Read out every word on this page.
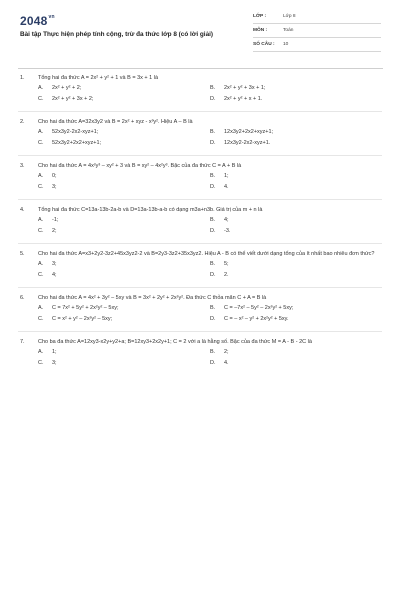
$2048^{vn}$
Bài tập Thực hiện phép tính cộng, trừ đa thức lớp 8 (có lời giải)
LỚP :	Lớp 8
MÔN :	Toán
SỐ CÂU :	10
1. Tổng hai đa thức A = 2x² + y² + 1 và B = 3x + 1 là
A. 2x² + y² + 2;	B. 2x² + y² + 3x + 1;
C. 2x² + y² + 3x + 2;	D. 2x² + y² + x + 1.
2. Cho hai đa thức A=32x3y2 và B = 2x² + xyz - x³y². Hiệu A – B là
A. 52x3y2-2x2-xyz+1;	B. 12x3y2+2x2+xyz+1;
C. 52x3y2+2x2+xyz+1;	D. 12x3y2-2x2-xyz+1.
3. Cho hai đa thức A = 4x²y³ – xy² + 3 và B = xy² – 4x²y³. Bậc của đa thức C = A + B là
A. 0;	B. 1;
C. 3;	D. 4.
4. Tổng hai đa thức C=13a-13b-2a-b và D=13a-13b-a-b có dạng m3a+n3b. Giá trị của m + n là
A. -1;	B. 4;
C. 2;	D. -3.
5. Cho hai đa thức A=x3+2y2-3z2+45x3yz2-2 và B=2y3-3z2+35x3yz2. Hiệu A - B có thể viết dưới dạng tổng của ít nhất bao nhiêu đơn thức?
A. 3;	B. 5;
C. 4;	D. 2.
6. Cho hai đa thức A = 4x² + 3y² – 5xy và B = 3x² + 2y² + 2x²y². Đa thức C thỏa mãn C + A = B là
A. C = 7x² + 5y² + 2x²y² – 5xy;	B. C = –7x² – 5y² – 2x²y² + 5xy;
C. C = x² + y² – 2x²y² – 5xy;	D. C = – x² – y² + 2x²y² + 5xy.
7. Cho ba đa thức A=12xy3-x2y+y2+a; B=12xy3+2x2y+1; C = 2 với a là hằng số. Bậc của đa thức M = A - B - 2C là
A. 1;	B. 2;
C. 3;	D. 4.
